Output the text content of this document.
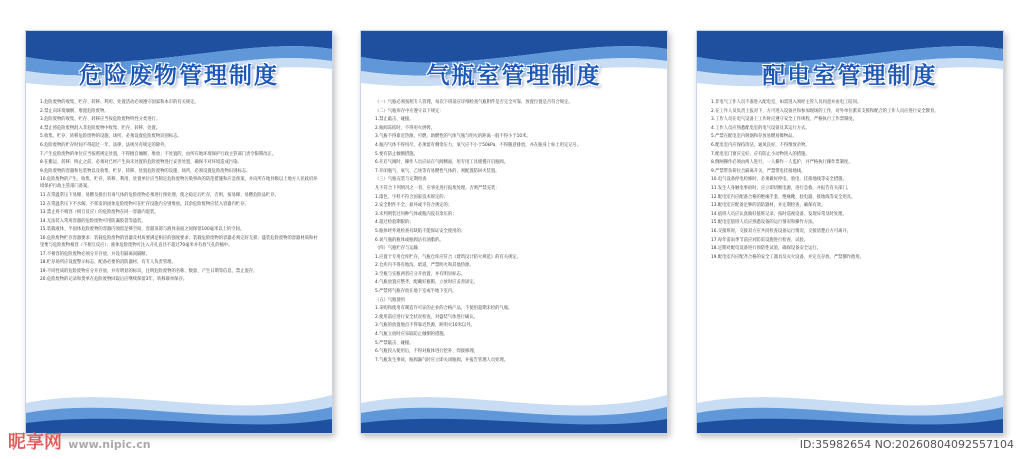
危险废物管理制度

1.危险废物的收集、贮存、转移、利用、处置活动必须遵守国家和本市的有关规定。

2.禁止向环境倾倒、堆置危险废物。

3.危险废物的收集、贮存、转移应当按危险废物特性分类进行。

4.禁止将危险废物混入非危险废物中收集、贮存、转移、处置。

5.收集、贮存、转移危险废物的设施、场所，必须设置危险废物识别标志。

6.危险废物的贮存时间不得超过一年，法律、法规另有规定的除外。

7.产生危险废物的单位应当按照规定处置，不得擅自倾倒、堆放；不处置的，由所在地环境保护行政主管部门责令限期改正。

8.在搬运、转移、终止之前，必须对已经产生尚未处置的危险废物进行妥善处置，确保不对环境造成污染。

9.危险废物的容器和包装物以及收集、贮存、转移、处置危险废物的设施、场所，必须设置危险废物识别标志。

10.危险废物的产生、收集、贮存、转移、利用、处置单位应当制定危险废物污染事故的防范措施和应急预案，并向所在地县级以上地方人民政府环境保护行政主管部门备案。

11.在常温常压下易爆、易燃及排出有毒气体的危险废物必须进行预处理，使之稳定后贮存，否则，按易爆、易燃危险品贮存。

12.在常温常压下不水解、不挥发的固体危险废物可在贮存设施内分别堆放。其余危险废物应装入容器内贮存。

13.禁止将不相容（相互反应）的危险废物在同一容器内混装。

14.无法装入常用容器的危险废物可用防漏胶袋等盛装。

15.装载液体、半固体危险废物的容器内须留足够空间，容器顶部与液体表面之间保留100毫米以上的空间。

16.危险废物贮存容器要求：装载危险废物的容器及材质要满足相应的强度要求；装载危险废物的容器必须完好无损；盛装危险废物的容器材质和衬里要与危险废物相容（不相互反应）；液体危险废物可注入开孔直径不超过70毫米并有放气孔的桶中。

17.不相容的危险废物必须分开存放，并设有隔离间隔断。

18.贮存场所应设置警示标志，配备必要的消防器材，有专人负责管理。

19.不同性质的危险废物应分开存放，并有明显的标识，注明危险废物的名称、数量、产生日期等信息，禁止混存。

20.危险废物的记录和货单在危险废物回取后应继续保留3年，转移联单保存。

气瓶室管理制度

（一）气瓶必须按照专人管理，每次下班前应详细检查气瓶附件是否完全可靠，放置位置是否符合规定。

（二）气瓶库存中应遵守以下规定：

1.禁止敲击、碰撞。

2.瓶阀冻结时，不得用火烘烤。

3.气瓶不得靠近热源，可燃、助燃性的气体气瓶与明火的距离一般不得小于10米。

4.瓶内气体不得用尽，必须留有剩余压力，氧气应不小于50kPa，不得随意排放，并在瓶身上标上用完记号。

5.要有防止倾倒措施。

6.开启气阀时，操作人员应站在气阀侧面，用专用工具缓慢开启瓶阀。

7.开闭瓶气、氧气、乙炔等有易燃性气体的，须配置防回火装置。

（三）气瓶充装与定期检查

凡不符合下列情况之一者，应事先进行报废处理，否则严禁充装：

1.漆色、字样不符合国家技术规定的；

2.安全附件不全、损坏或不符合规定的；

3.未判明装过何种气体或瓶内没有余压的；

4.超过检验期限的；

5.瓶体经外观检查有缺陷不能保证安全使用的；

6.氧气瓶的瓶体或瓶阀沾有油脂的。

（四）气瓶贮存与运输

1.应置于专用仓库贮存，气瓶仓库应符合《建筑设计防火规范》的有关规定。

2.仓库内不得有地沟、暗道，严禁明火和其他热源。

3.空瓶与实瓶两者应分开放置，并有明显标志。

4.气瓶放置应整齐，配戴好瓶帽，立放时应妥善固定。

5.严禁将气瓶存放在地下室或半地下室内。

（五）气瓶使用

1.采购和使用有制造许可证的企业的合格产品，不使用超期未检的气瓶。

2.使用前应进行安全状况检查，对盛装气体进行确认。

3.气瓶的放置地点不得靠近热源，距明火10米以外。

4.气瓶立放时应采取防止倾倒的措施。

5.严禁敲击、碰撞。

6.气瓶投入使用后，不得对瓶体进行挖补、焊接修理。

7.气瓶发生事故，瓶阀漏气时应立即关闭瓶阀，并报告管理人员处理。

配电室管理制度

1.非电气工作人员不准进入配电室，如需进入须经主管人员同意并由电工陪同。

2.在工作人员负责上报对下，方可进入设备区和参加现场的工作，对外单位派来支援和配合的工作人员应进行安全教育。

3.工作人员在电气设备上工作时应遵守安全工作规程，严格执行工作票制度。

4.工作人员应熟悉配电室的电气设备及其运行方式。

5.严禁在配电室内吸烟和存放易燃易爆物品。

6.配电室内应保持清洁，通风良好，不得堆放杂物。

7.配电室门窗应完好，应有防止小动物进入的措施。

8.倒闸操作必须由两人进行，一人操作一人监护，并严格执行操作票制度。

9.严禁带负荷拉合隔离开关，严禁带电挂接地线。

10.电气设备停电检修时，必须做好停电、验电、挂接地线等安全措施。

11.发生人身触电事故时，应立即切断电源，进行急救，并报告有关部门。

12.配电室内应配备合格的绝缘手套、绝缘靴、验电器、接地线等安全用具。

13.配电室应配备足够的消防器材，并定期检查，确保有效。

14.值班人员应认真做好值班记录，按时巡视设备，发现异常及时处理。

15.配电室值班人员应熟悉设备的运行情况和操作方法。

16.交接班时，交接双方应共同检查设备运行情况，交接清楚后方可离开。

17.每年雷雨季节前应对防雷设施进行检查、试验。

18.定期对配电设备进行预防性试验，确保设备安全运行。

19.配电室内应配齐合格的安全工器具及灭火设备，并定点存放，严禁挪作他用。

昵享网 www.nipic.cn	ID:35982654 NO:20260804092557104
